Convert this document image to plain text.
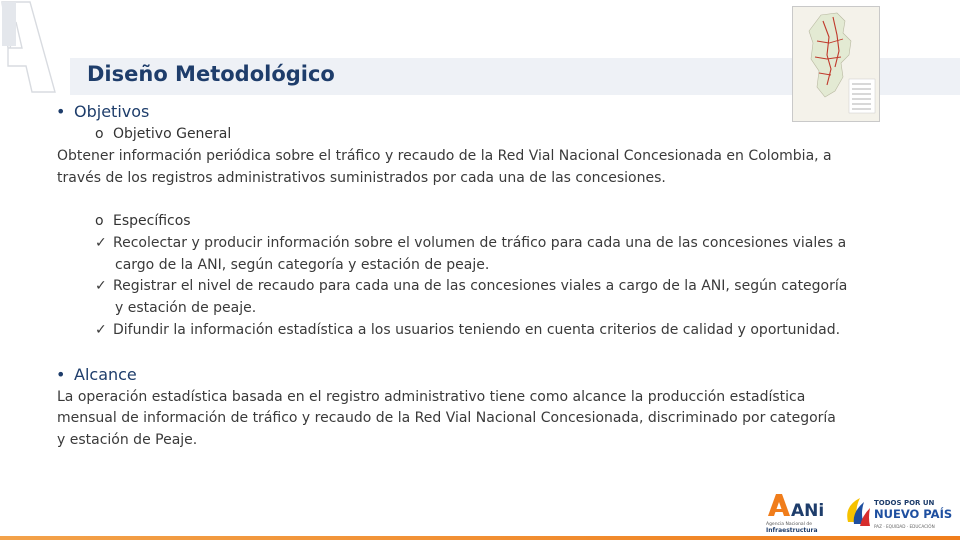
Diseño Metodológico
• Objetivos
o Objetivo General
Obtener información periódica sobre el tráfico y recaudo de la Red Vial Nacional Concesionada en Colombia, a
través de los registros administrativos suministrados por cada una de las concesiones.
o Específicos
✓ Recolectar y producir información sobre el volumen de tráfico para cada una de las concesiones viales a
cargo de la ANI, según categoría y estación de peaje.
✓ Registrar el nivel de recaudo para cada una de las concesiones viales a cargo de la ANI, según categoría
y estación de peaje.
✓ Difundir la información estadística a los usuarios teniendo en cuenta criterios de calidad y oportunidad.
• Alcance
La operación estadística basada en el registro administrativo tiene como alcance la producción estadística
mensual de información de tráfico y recaudo de la Red Vial Nacional Concesionada, discriminado por categoría
y estación de Peaje.
ANi
Agencia Nacional de
Infraestructura
TODOS POR UN
NUEVO PAÍS
PAZ · EQUIDAD · EDUCACIÓN
